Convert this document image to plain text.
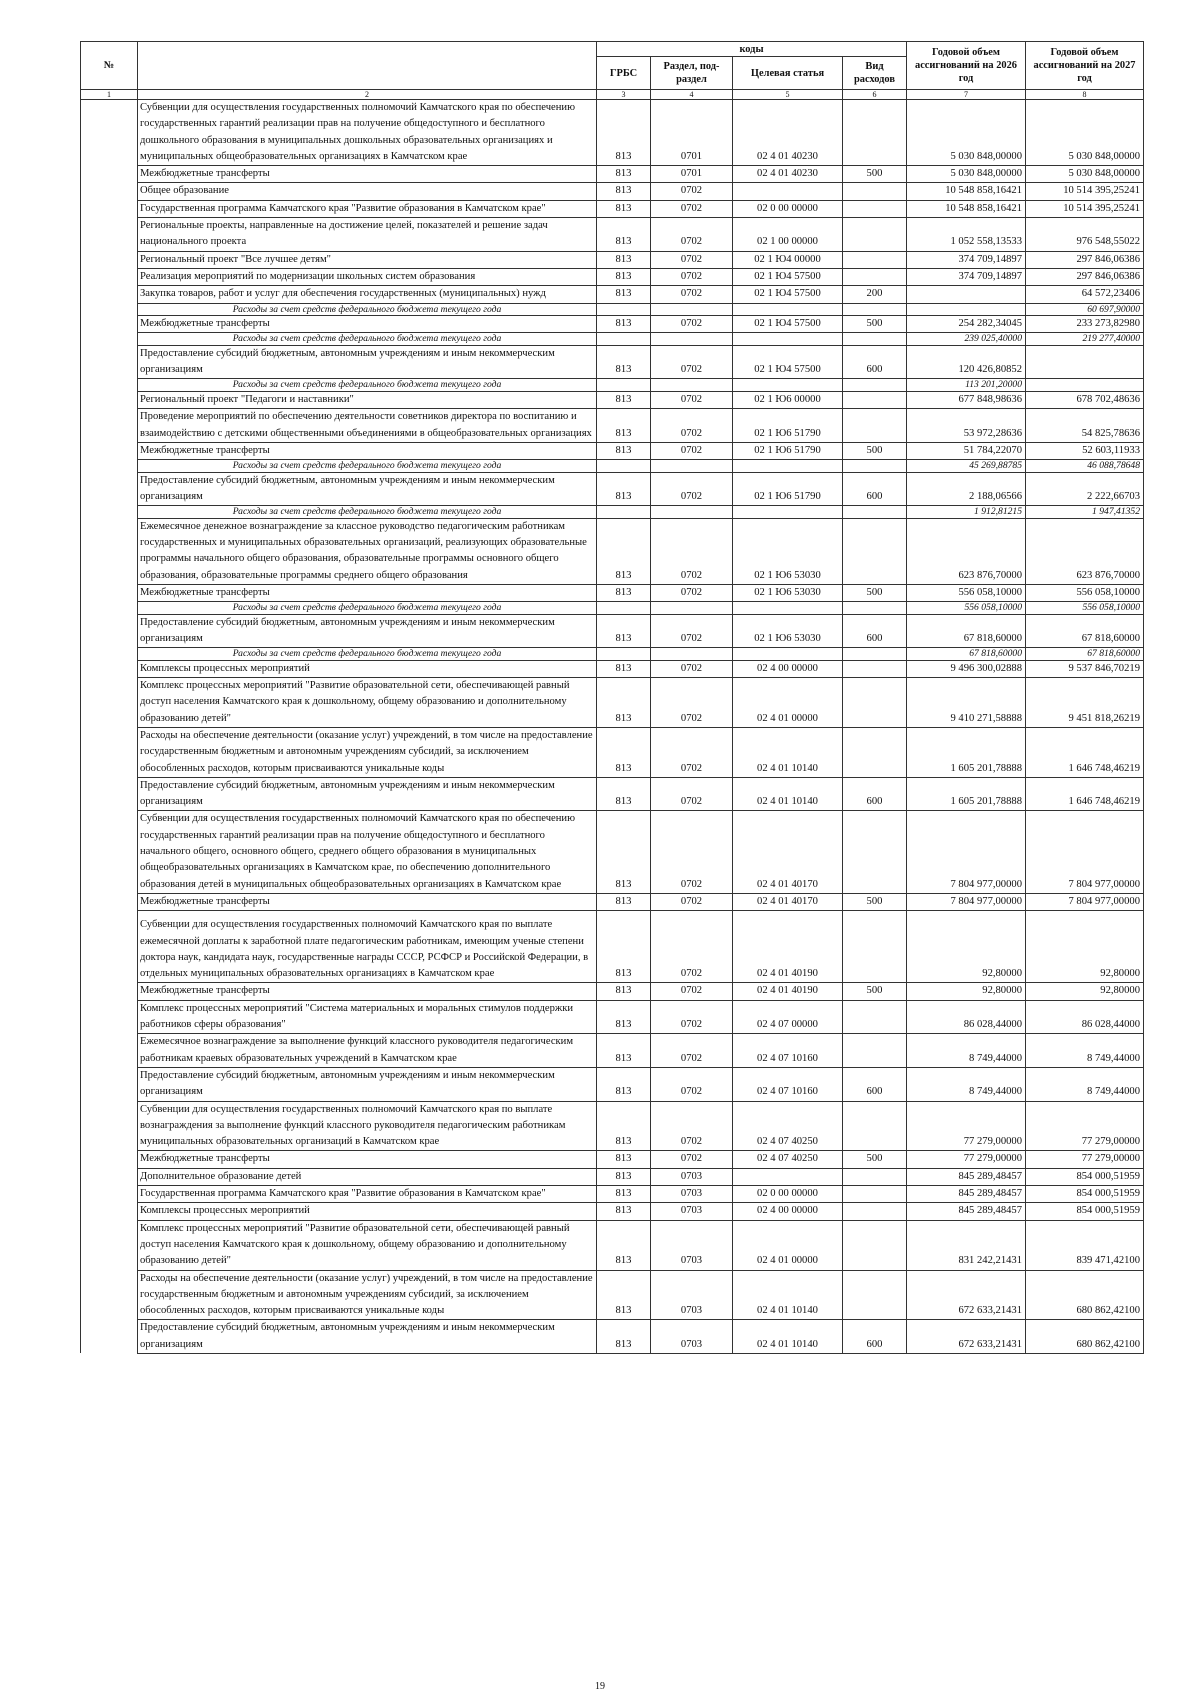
№		коды				Годовой объем ассигнований на 2026 год	Годовой объем ассигнований на 2027 год
		ГРБС	Раздел, под-раздел	Целевая статья	Вид расходов		
1	2	3	4	5	6	7	8
	Субвенции для осуществления государственных полномочий Камчатского края по обеспечению государственных гарантий реализации прав на получение общедоступного и бесплатного дошкольного образования в муниципальных дошкольных образовательных организациях и муниципальных общеобразовательных организациях в Камчатском крае	813	0701	02 4 01 40230		5 030 848,00000	5 030 848,00000
	Межбюджетные трансферты	813	0701	02 4 01 40230	500	5 030 848,00000	5 030 848,00000
	Общее образование	813	0702			10 548 858,16421	10 514 395,25241
	Государственная программа Камчатского края "Развитие образования в Камчатском крае"	813	0702	02 0 00 00000		10 548 858,16421	10 514 395,25241
	Региональные проекты, направленные на достижение целей, показателей и решение задач национального проекта	813	0702	02 1 00 00000		1 052 558,13533	976 548,55022
	Региональный проект "Все лучшее детям"	813	0702	02 1 Ю4 00000		374 709,14897	297 846,06386
	Реализация мероприятий по модернизации школьных систем образования	813	0702	02 1 Ю4 57500		374 709,14897	297 846,06386
	Закупка товаров, работ и услуг для обеспечения государственных (муниципальных) нужд	813	0702	02 1 Ю4 57500	200		64 572,23406
	Расходы за счет средств федерального бюджета текущего года						60 697,90000
	Межбюджетные трансферты	813	0702	02 1 Ю4 57500	500	254 282,34045	233 273,82980
	Расходы за счет средств федерального бюджета текущего года					239 025,40000	219 277,40000
	Предоставление субсидий бюджетным, автономным учреждениям и иным некоммерческим организациям	813	0702	02 1 Ю4 57500	600	120 426,80852	
	Расходы за счет средств федерального бюджета текущего года					113 201,20000	
	Региональный проект "Педагоги и наставники"	813	0702	02 1 Ю6 00000		677 848,98636	678 702,48636
	Проведение мероприятий по обеспечению деятельности советников директора по воспитанию и взаимодействию с детскими общественными объединениями в общеобразовательных организациях	813	0702	02 1 Ю6 51790		53 972,28636	54 825,78636
	Межбюджетные трансферты	813	0702	02 1 Ю6 51790	500	51 784,22070	52 603,11933
	Расходы за счет средств федерального бюджета текущего года					45 269,88785	46 088,78648
	Предоставление субсидий бюджетным, автономным учреждениям и иным некоммерческим организациям	813	0702	02 1 Ю6 51790	600	2 188,06566	2 222,66703
	Расходы за счет средств федерального бюджета текущего года					1 912,81215	1 947,41352
	Ежемесячное денежное вознаграждение за классное руководство педагогическим работникам государственных и муниципальных образовательных организаций, реализующих образовательные программы начального общего образования, образовательные программы основного общего образования, образовательные программы среднего общего образования	813	0702	02 1 Ю6 53030		623 876,70000	623 876,70000
	Межбюджетные трансферты	813	0702	02 1 Ю6 53030	500	556 058,10000	556 058,10000
	Расходы за счет средств федерального бюджета текущего года					556 058,10000	556 058,10000
	Предоставление субсидий бюджетным, автономным учреждениям и иным некоммерческим организациям	813	0702	02 1 Ю6 53030	600	67 818,60000	67 818,60000
	Расходы за счет средств федерального бюджета текущего года					67 818,60000	67 818,60000
	Комплексы процессных мероприятий	813	0702	02 4 00 00000		9 496 300,02888	9 537 846,70219
	Комплекс процессных мероприятий "Развитие образовательной сети, обеспечивающей равный доступ населения Камчатского края к дошкольному, общему образованию и дополнительному образованию детей"	813	0702	02 4 01 00000		9 410 271,58888	9 451 818,26219
	Расходы на обеспечение деятельности (оказание услуг) учреждений, в том числе на предоставление государственным бюджетным и автономным учреждениям субсидий, за исключением обособленных расходов, которым присваиваются уникальные коды	813	0702	02 4 01 10140		1 605 201,78888	1 646 748,46219
	Предоставление субсидий бюджетным, автономным учреждениям и иным некоммерческим организациям	813	0702	02 4 01 10140	600	1 605 201,78888	1 646 748,46219
	Субвенции для осуществления государственных полномочий Камчатского края по обеспечению государственных гарантий реализации прав на получение общедоступного и бесплатного начального общего, основного общего, среднего общего образования в муниципальных общеобразовательных организациях в Камчатском крае, по обеспечению дополнительного образования детей в муниципальных общеобразовательных организациях в Камчатском крае	813	0702	02 4 01 40170		7 804 977,00000	7 804 977,00000
	Межбюджетные трансферты	813	0702	02 4 01 40170	500	7 804 977,00000	7 804 977,00000

	Субвенции для осуществления государственных полномочий Камчатского края по выплате ежемесячной доплаты к заработной плате педагогическим работникам, имеющим ученые степени доктора наук, кандидата наук, государственные награды СССР, РСФСР и Российской Федерации, в отдельных муниципальных образовательных организациях в Камчатском крае	813	0702	02 4 01 40190		92,80000	92,80000
	Межбюджетные трансферты	813	0702	02 4 01 40190	500	92,80000	92,80000
	Комплекс процессных мероприятий "Система материальных и моральных стимулов поддержки работников сферы образования"	813	0702	02 4 07 00000		86 028,44000	86 028,44000
	Ежемесячное вознаграждение за выполнение функций классного руководителя педагогическим работникам краевых образовательных учреждений в Камчатском крае	813	0702	02 4 07 10160		8 749,44000	8 749,44000
	Предоставление субсидий бюджетным, автономным учреждениям и иным некоммерческим организациям	813	0702	02 4 07 10160	600	8 749,44000	8 749,44000
	Субвенции для осуществления государственных полномочий Камчатского края по выплате вознаграждения за выполнение функций классного руководителя педагогическим работникам муниципальных образовательных организаций в Камчатском крае	813	0702	02 4 07 40250		77 279,00000	77 279,00000
	Межбюджетные трансферты	813	0702	02 4 07 40250	500	77 279,00000	77 279,00000
	Дополнительное образование детей	813	0703			845 289,48457	854 000,51959
	Государственная программа Камчатского края "Развитие образования в Камчатском крае"	813	0703	02 0 00 00000		845 289,48457	854 000,51959
	Комплексы процессных мероприятий	813	0703	02 4 00 00000		845 289,48457	854 000,51959
	Комплекс процессных мероприятий "Развитие образовательной сети, обеспечивающей равный доступ населения Камчатского края к дошкольному, общему образованию и дополнительному образованию детей"	813	0703	02 4 01 00000		831 242,21431	839 471,42100
	Расходы на обеспечение деятельности (оказание услуг) учреждений, в том числе на предоставление государственным бюджетным и автономным учреждениям субсидий, за исключением обособленных расходов, которым присваиваются уникальные коды	813	0703	02 4 01 10140		672 633,21431	680 862,42100
	Предоставление субсидий бюджетным, автономным учреждениям и иным некоммерческим организациям	813	0703	02 4 01 10140	600	672 633,21431	680 862,42100
19
